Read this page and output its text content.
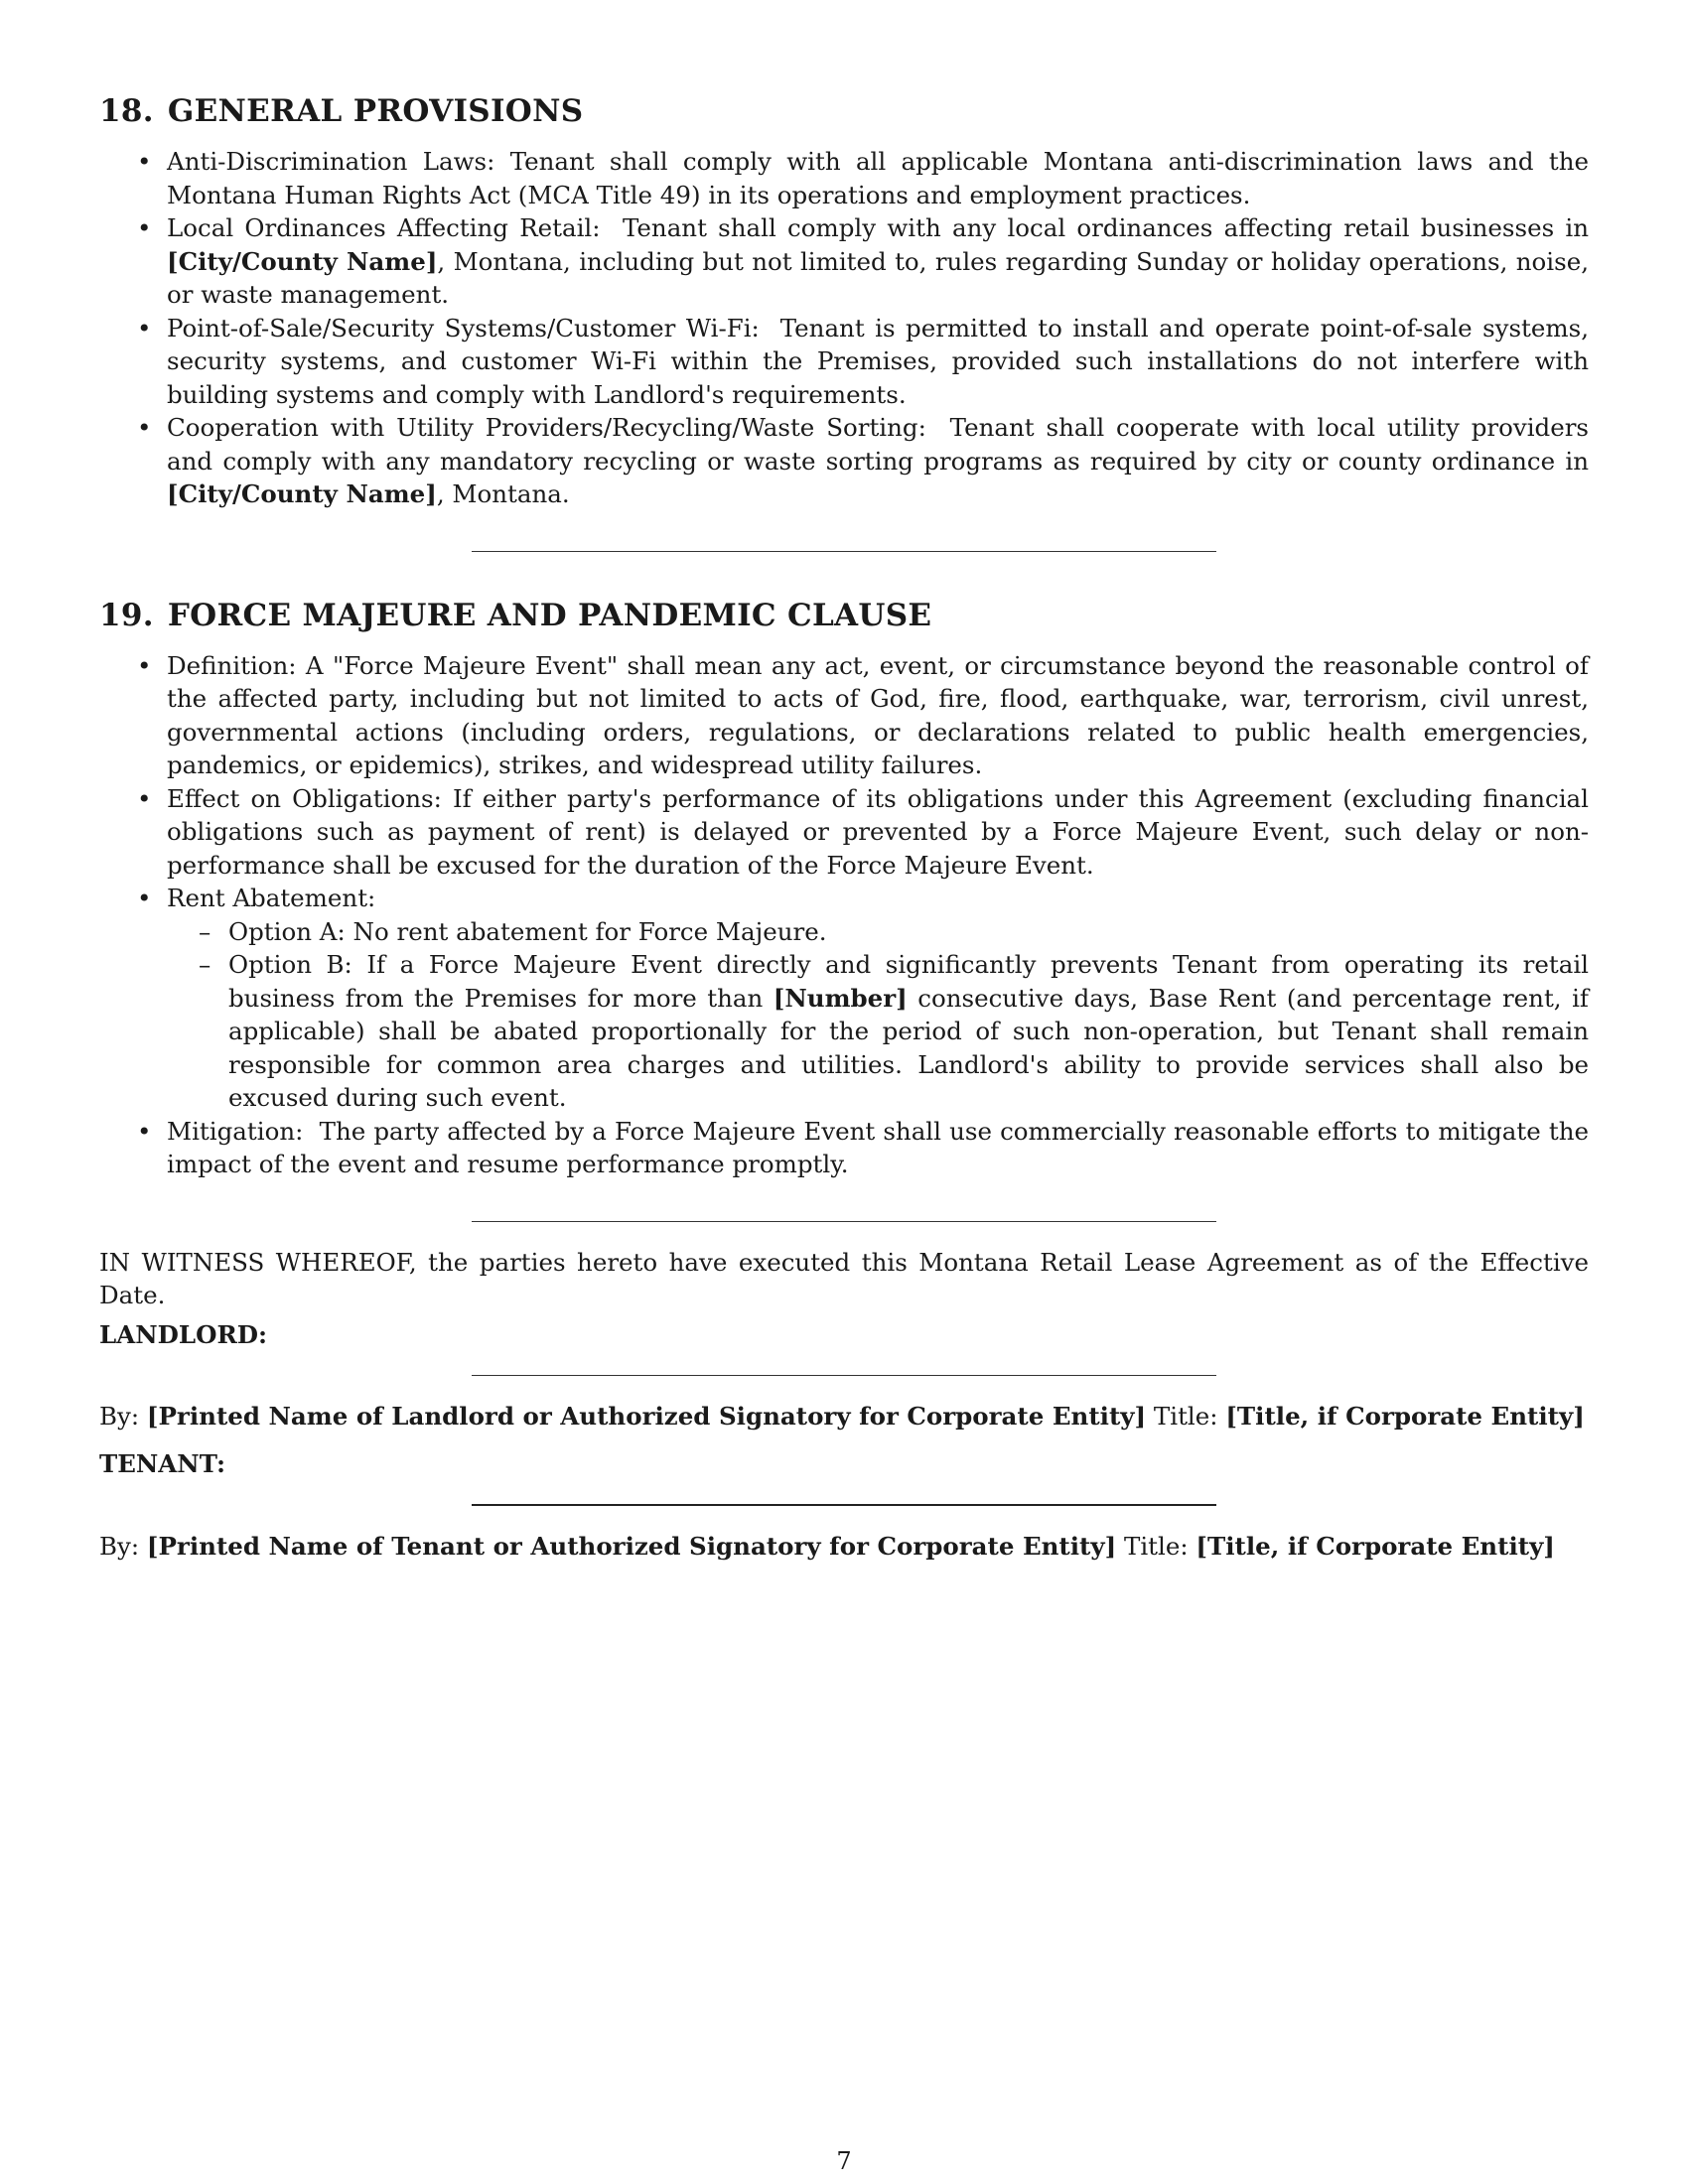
18. GENERAL PROVISIONS
• Anti-Discrimination Laws: Tenant shall comply with all applicable Montana anti-discrimination laws and the Montana Human Rights Act (MCA Title 49) in its operations and employment practices.
• Local Ordinances Affecting Retail: Tenant shall comply with any local ordinances affecting retail businesses in [City/County Name], Montana, including but not limited to, rules regarding Sunday or holiday operations, noise, or waste management.
• Point-of-Sale/Security Systems/Customer Wi-Fi: Tenant is permitted to install and operate point-of-sale systems, security systems, and customer Wi-Fi within the Premises, provided such installations do not interfere with building systems and comply with Landlord's requirements.
• Cooperation with Utility Providers/Recycling/Waste Sorting: Tenant shall cooperate with local utility providers and comply with any mandatory recycling or waste sorting programs as required by city or county ordinance in [City/County Name], Montana.
19. FORCE MAJEURE AND PANDEMIC CLAUSE
• Definition: A "Force Majeure Event" shall mean any act, event, or circumstance beyond the reasonable control of the affected party, including but not limited to acts of God, fire, flood, earthquake, war, terrorism, civil unrest, governmental actions (including orders, regulations, or declarations related to public health emergencies, pandemics, or epidemics), strikes, and widespread utility failures.
• Effect on Obligations: If either party's performance of its obligations under this Agreement (excluding financial obligations such as payment of rent) is delayed or prevented by a Force Majeure Event, such delay or non-performance shall be excused for the duration of the Force Majeure Event.
• Rent Abatement:
– Option A: No rent abatement for Force Majeure.
– Option B: If a Force Majeure Event directly and significantly prevents Tenant from operating its retail business from the Premises for more than [Number] consecutive days, Base Rent (and percentage rent, if applicable) shall be abated proportionally for the period of such non-operation, but Tenant shall remain responsible for common area charges and utilities. Landlord's ability to provide services shall also be excused during such event.
• Mitigation: The party affected by a Force Majeure Event shall use commercially reasonable efforts to mitigate the impact of the event and resume performance promptly.

IN WITNESS WHEREOF, the parties hereto have executed this Montana Retail Lease Agreement as of the Effective Date.

LANDLORD:

By: [Printed Name of Landlord or Authorized Signatory for Corporate Entity] Title: [Title, if Corporate Entity]

TENANT:

By: [Printed Name of Tenant or Authorized Signatory for Corporate Entity] Title: [Title, if Corporate Entity]

7
